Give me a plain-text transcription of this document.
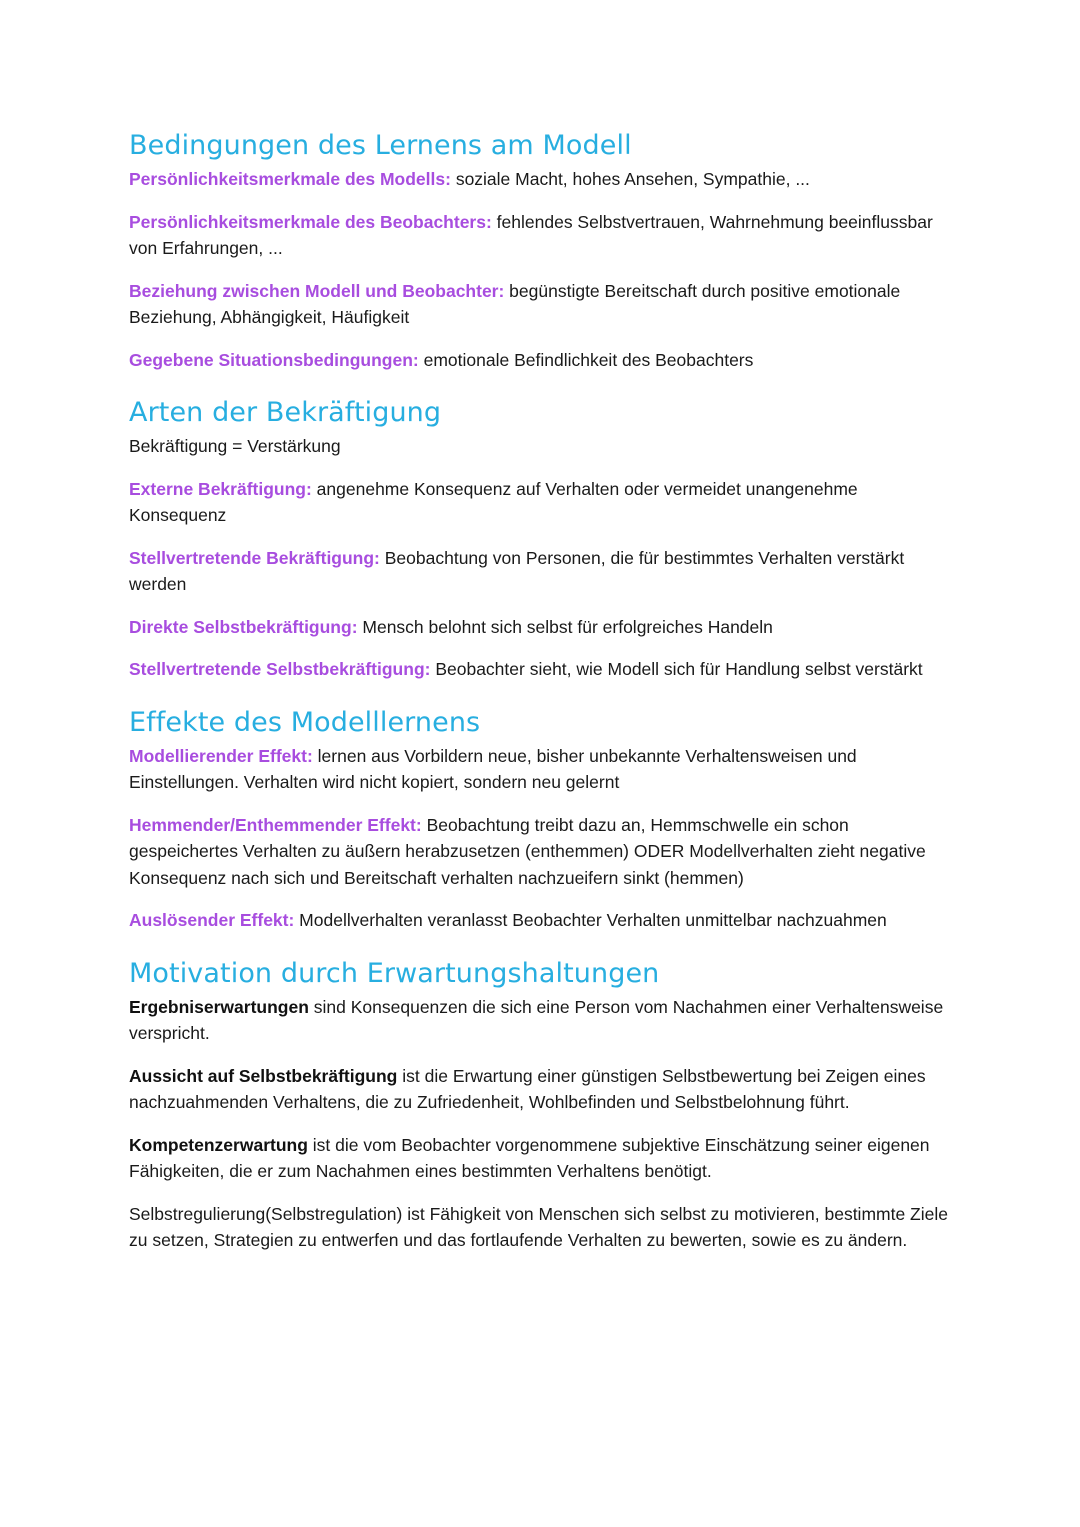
Bedingungen des Lernens am Modell

Persönlichkeitsmerkmale des Modells: soziale Macht, hohes Ansehen, Sympathie, ...

Persönlichkeitsmerkmale des Beobachters: fehlendes Selbstvertrauen, Wahrnehmung beeinflussbar von Erfahrungen, ...

Beziehung zwischen Modell und Beobachter: begünstigte Bereitschaft durch positive emotionale Beziehung, Abhängigkeit, Häufigkeit

Gegebene Situationsbedingungen: emotionale Befindlichkeit des Beobachters

Arten der Bekräftigung

Bekräftigung = Verstärkung

Externe Bekräftigung: angenehme Konsequenz auf Verhalten oder vermeidet unangenehme Konsequenz

Stellvertretende Bekräftigung: Beobachtung von Personen, die für bestimmtes Verhalten verstärkt werden

Direkte Selbstbekräftigung: Mensch belohnt sich selbst für erfolgreiches Handeln

Stellvertretende Selbstbekräftigung: Beobachter sieht, wie Modell sich für Handlung selbst verstärkt

Effekte des Modelllernens

Modellierender Effekt: lernen aus Vorbildern neue, bisher unbekannte Verhaltensweisen und Einstellungen. Verhalten wird nicht kopiert, sondern neu gelernt

Hemmender/Enthemmender Effekt: Beobachtung treibt dazu an, Hemmschwelle ein schon gespeichertes Verhalten zu äußern herabzusetzen (enthemmen) ODER Modellverhalten zieht negative Konsequenz nach sich und Bereitschaft verhalten nachzueifern sinkt (hemmen)

Auslösender Effekt: Modellverhalten veranlasst Beobachter Verhalten unmittelbar nachzuahmen

Motivation durch Erwartungshaltungen

Ergebniserwartungen sind Konsequenzen die sich eine Person vom Nachahmen einer Verhaltensweise verspricht.

Aussicht auf Selbstbekräftigung ist die Erwartung einer günstigen Selbstbewertung bei Zeigen eines nachzuahmenden Verhaltens, die zu Zufriedenheit, Wohlbefinden und Selbstbelohnung führt.

Kompetenzerwartung ist die vom Beobachter vorgenommene subjektive Einschätzung seiner eigenen Fähigkeiten, die er zum Nachahmen eines bestimmten Verhaltens benötigt.

Selbstregulierung(Selbstregulation) ist Fähigkeit von Menschen sich selbst zu motivieren, bestimmte Ziele zu setzen, Strategien zu entwerfen und das fortlaufende Verhalten zu bewerten, sowie es zu ändern.
